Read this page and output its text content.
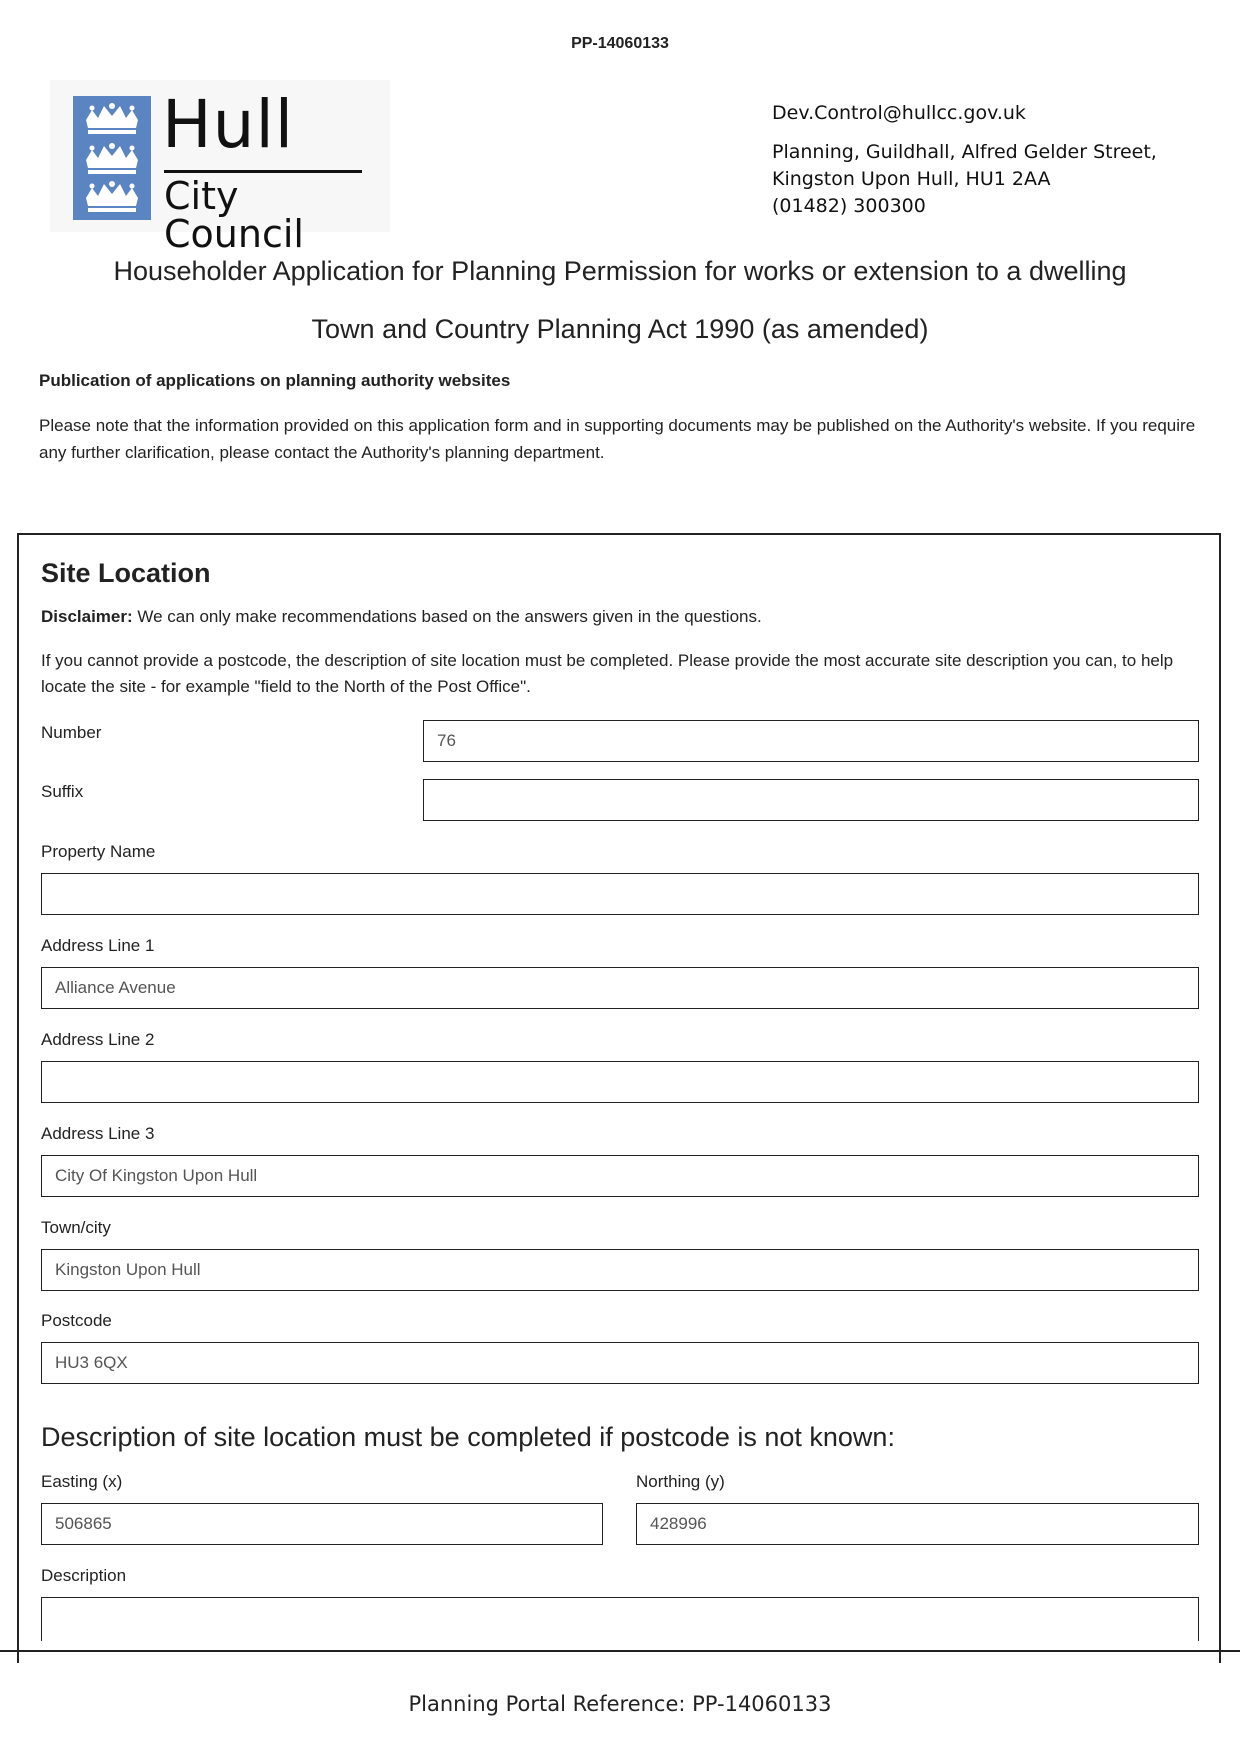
PP-14060133
Hull
City Council
Dev.Control@hullcc.gov.uk
Planning, Guildhall, Alfred Gelder Street,
Kingston Upon Hull, HU1 2AA
(01482) 300300
Householder Application for Planning Permission for works or extension to a dwelling
Town and Country Planning Act 1990 (as amended)
Publication of applications on planning authority websites
Please note that the information provided on this application form and in supporting documents may be published on the Authority's website. If you require any further clarification, please contact the Authority's planning department.
Site Location
Disclaimer: We can only make recommendations based on the answers given in the questions.
If you cannot provide a postcode, the description of site location must be completed. Please provide the most accurate site description you can, to help locate the site - for example "field to the North of the Post Office".
Number	76
Suffix
Property Name
Address Line 1
Alliance Avenue
Address Line 2
Address Line 3
City Of Kingston Upon Hull
Town/city
Kingston Upon Hull
Postcode
HU3 6QX
Description of site location must be completed if postcode is not known:
Easting (x)
506865
Northing (y)
428996
Description
Planning Portal Reference: PP-14060133
